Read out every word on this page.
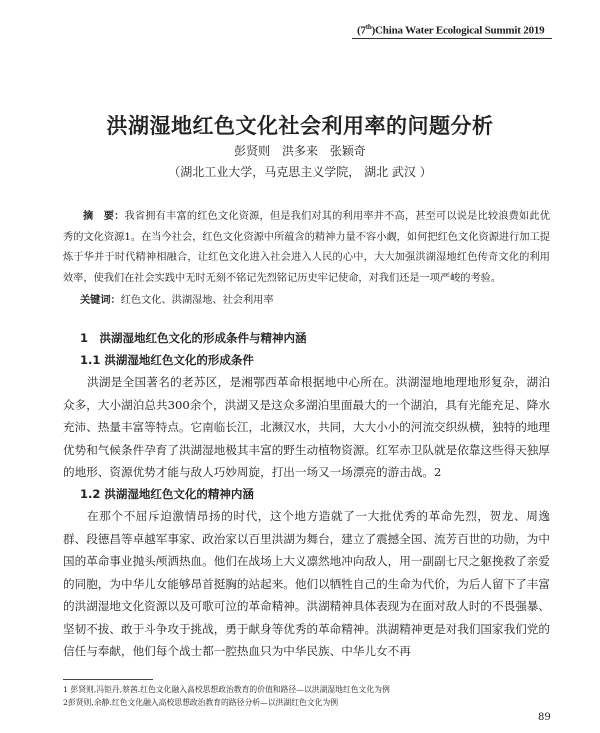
(7th)China Water Ecological Summit 2019
洪湖湿地红色文化社会利用率的问题分析
彭贤则 洪多来 张颖奇
（湖北工业大学，马克思主义学院， 湖北 武汉 ）
摘　要：我省拥有丰富的红色文化资源，但是我们对其的利用率并不高，甚至可以说是比较浪费如此优秀的文化资源1。在当今社会，红色文化资源中所蕴含的精神力量不容小觑，如何把红色文化资源进行加工提炼于华并于时代精神相融合，让红色文化进入社会进入人民的心中，大大加强洪湖湿地红色传奇文化的利用效率，使我们在社会实践中无时无刻不铭记先烈铭记历史牢记使命，对我们还是一项严峻的考验。
关键词：红色文化、洪湖湿地、社会利用率
1　洪湖湿地红色文化的形成条件与精神内涵
1.1 洪湖湿地红色文化的形成条件
洪湖是全国著名的老苏区，是湘鄂西革命根据地中心所在。洪湖湿地地理地形复杂，湖泊众多，大小湖泊总共300余个，洪湖又是这众多湖泊里面最大的一个湖泊，具有光能充足、降水充沛、热量丰富等特点。它南临长江，北濒汉水，共同，大大小小的河流交织纵横，独特的地理优势和气候条件孕育了洪湖湿地极其丰富的野生动植物资源。红军赤卫队就是依靠这些得天独厚的地形、资源优势才能与敌人巧妙周旋，打出一场又一场漂亮的游击战。2
1.2 洪湖湿地红色文化的精神内涵
在那个不屈斥迫激情昂扬的时代，这个地方造就了一大批优秀的革命先烈，贺龙、周逸群、段德昌等卓越军事家、政治家以百里洪湖为舞台，建立了震撼全国、流芳百世的功勋，为中国的革命事业抛头颅洒热血。他们在战场上大义凛然地冲向敌人，用一副副七尺之躯挽救了亲爱的同胞，为中华儿女能够昂首挺胸的站起来。他们以牺牲自己的生命为代价，为后人留下了丰富的洪湖湿地文化资源以及可歌可泣的革命精神。洪湖精神具体表现为在面对敌人时的不畏强暴、坚韧不拔、敢于斗争攻于挑战，勇于献身等优秀的革命精神。洪湖精神更是对我们国家我们党的信任与奉献，他们每个战士都一腔热血只为中华民族、中华儿女不再
1 彭贤则,冯钜丹,蔡茜.红色文化融入高校思想政治教育的价值和路径—以洪湖湿地红色文化为例
2彭贤则,余静.红色文化融入高校思想政治教育的路径分析—以洪湖红色文化为例
89
